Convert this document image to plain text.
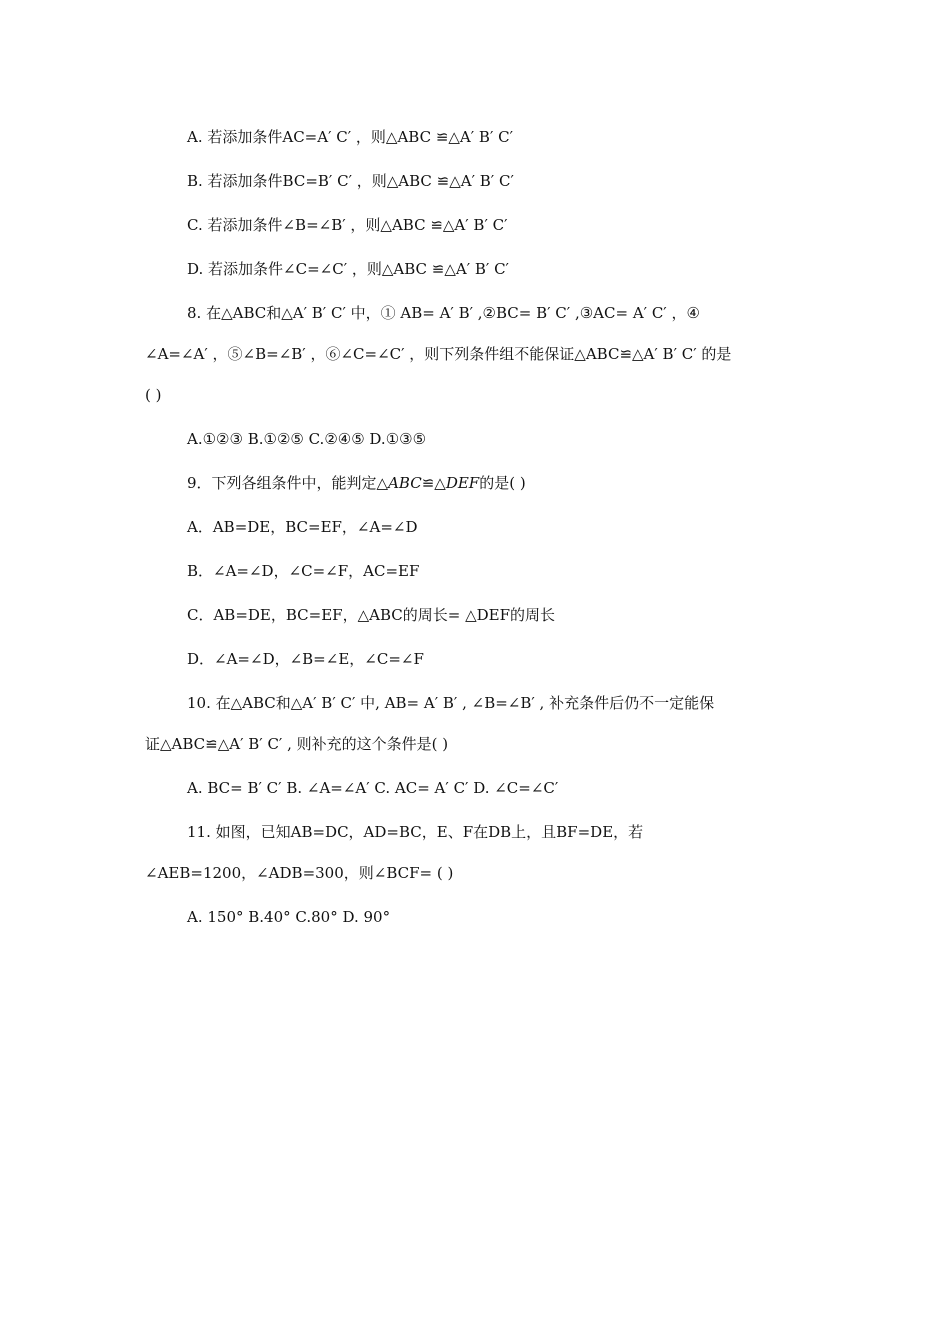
A. 若添加条件AC=A′ C′ ，则△ABC ≌△A′ B′ C′
B. 若添加条件BC=B′ C′ ，则△ABC ≌△A′ B′ C′
C. 若添加条件∠B=∠B′ ，则△ABC ≌△A′ B′ C′
D. 若添加条件∠C=∠C′ ，则△ABC ≌△A′ B′ C′
8. 在△ABC和△A′ B′ C′ 中，① AB= A′ B′ ,②BC= B′ C′ ,③AC= A′ C′ ，④
∠A=∠A′ ，⑤∠B=∠B′ ，⑥∠C=∠C′ ，则下列条件组不能保证△ABC≌△A′ B′ C′ 的是
( )
A.①②③ B.①②⑤ C.②④⑤ D.①③⑤
9．下列各组条件中，能判定△ABC≌△DEF的是( )
A．AB=DE，BC=EF，∠A=∠D
B．∠A=∠D，∠C=∠F，AC=EF
C．AB=DE，BC=EF，△ABC的周长= △DEF的周长
D．∠A=∠D，∠B=∠E，∠C=∠F
10. 在△ABC和△A′ B′ C′ 中, AB= A′ B′ , ∠B=∠B′ , 补充条件后仍不一定能保
证△ABC≌△A′ B′ C′ , 则补充的这个条件是( )
A. BC= B′ C′ B. ∠A=∠A′ C. AC= A′ C′ D. ∠C=∠C′
11. 如图，已知AB=DC，AD=BC，E、F在DB上，且BF=DE，若
∠AEB=1200，∠ADB=300，则∠BCF= ( )
A. 150° B.40° C.80° D. 90°
